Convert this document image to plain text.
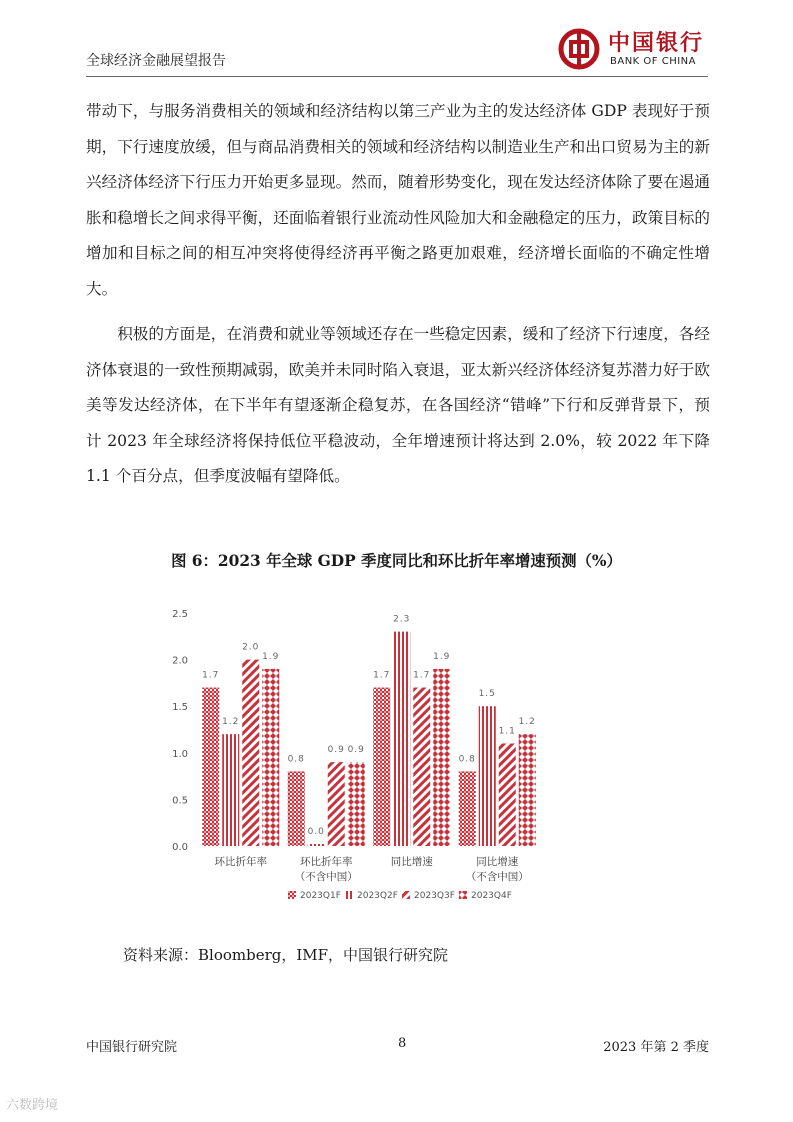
全球经济金融展望报告
中国银行
BANK OF CHINA

带动下，与服务消费相关的领域和经济结构以第三产业为主的发达经济体 GDP 表现好于预期，下行速度放缓，但与商品消费相关的领域和经济结构以制造业生产和出口贸易为主的新兴经济体经济下行压力开始更多显现。然而，随着形势变化，现在发达经济体除了要在遏通胀和稳增长之间求得平衡，还面临着银行业流动性风险加大和金融稳定的压力，政策目标的增加和目标之间的相互冲突将使得经济再平衡之路更加艰难，经济增长面临的不确定性增大。

积极的方面是，在消费和就业等领域还存在一些稳定因素，缓和了经济下行速度，各经济体衰退的一致性预期减弱，欧美并未同时陷入衰退，亚太新兴经济体经济复苏潜力好于欧美等发达经济体，在下半年有望逐渐企稳复苏，在各国经济“错峰”下行和反弹背景下，预计 2023 年全球经济将保持低位平稳波动，全年增速预计将达到 2.0%，较 2022 年下降 1.1 个百分点，但季度波幅有望降低。

图 6：2023 年全球 GDP 季度同比和环比折年率增速预测（%）
0.0
0.5
1.0
1.5
2.0
2.5
1.7
1.2
2.0
1.9
0.8
0.0
0.9 0.9
1.7
2.3
1.7
1.9
0.8
1.5
1.1
1.2
环比折年率	环比折年率
（不含中国）
同比增速	同比增速
（不含中国）
2023Q1F 2023Q2F 2023Q3F 2023Q4F
资料来源：Bloomberg，IMF，中国银行研究院
中国银行研究院	8	2023 年第 2 季度
六数跨境
